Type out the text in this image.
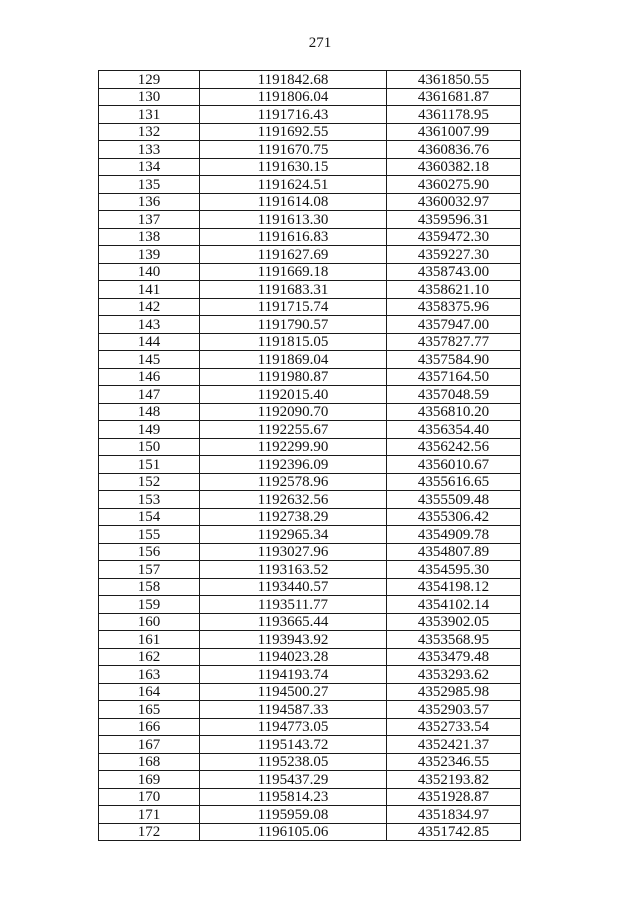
271
129	1191842.68	4361850.55
130	1191806.04	4361681.87
131	1191716.43	4361178.95
132	1191692.55	4361007.99
133	1191670.75	4360836.76
134	1191630.15	4360382.18
135	1191624.51	4360275.90
136	1191614.08	4360032.97
137	1191613.30	4359596.31
138	1191616.83	4359472.30
139	1191627.69	4359227.30
140	1191669.18	4358743.00
141	1191683.31	4358621.10
142	1191715.74	4358375.96
143	1191790.57	4357947.00
144	1191815.05	4357827.77
145	1191869.04	4357584.90
146	1191980.87	4357164.50
147	1192015.40	4357048.59
148	1192090.70	4356810.20
149	1192255.67	4356354.40
150	1192299.90	4356242.56
151	1192396.09	4356010.67
152	1192578.96	4355616.65
153	1192632.56	4355509.48
154	1192738.29	4355306.42
155	1192965.34	4354909.78
156	1193027.96	4354807.89
157	1193163.52	4354595.30
158	1193440.57	4354198.12
159	1193511.77	4354102.14
160	1193665.44	4353902.05
161	1193943.92	4353568.95
162	1194023.28	4353479.48
163	1194193.74	4353293.62
164	1194500.27	4352985.98
165	1194587.33	4352903.57
166	1194773.05	4352733.54
167	1195143.72	4352421.37
168	1195238.05	4352346.55
169	1195437.29	4352193.82
170	1195814.23	4351928.87
171	1195959.08	4351834.97
172	1196105.06	4351742.85
